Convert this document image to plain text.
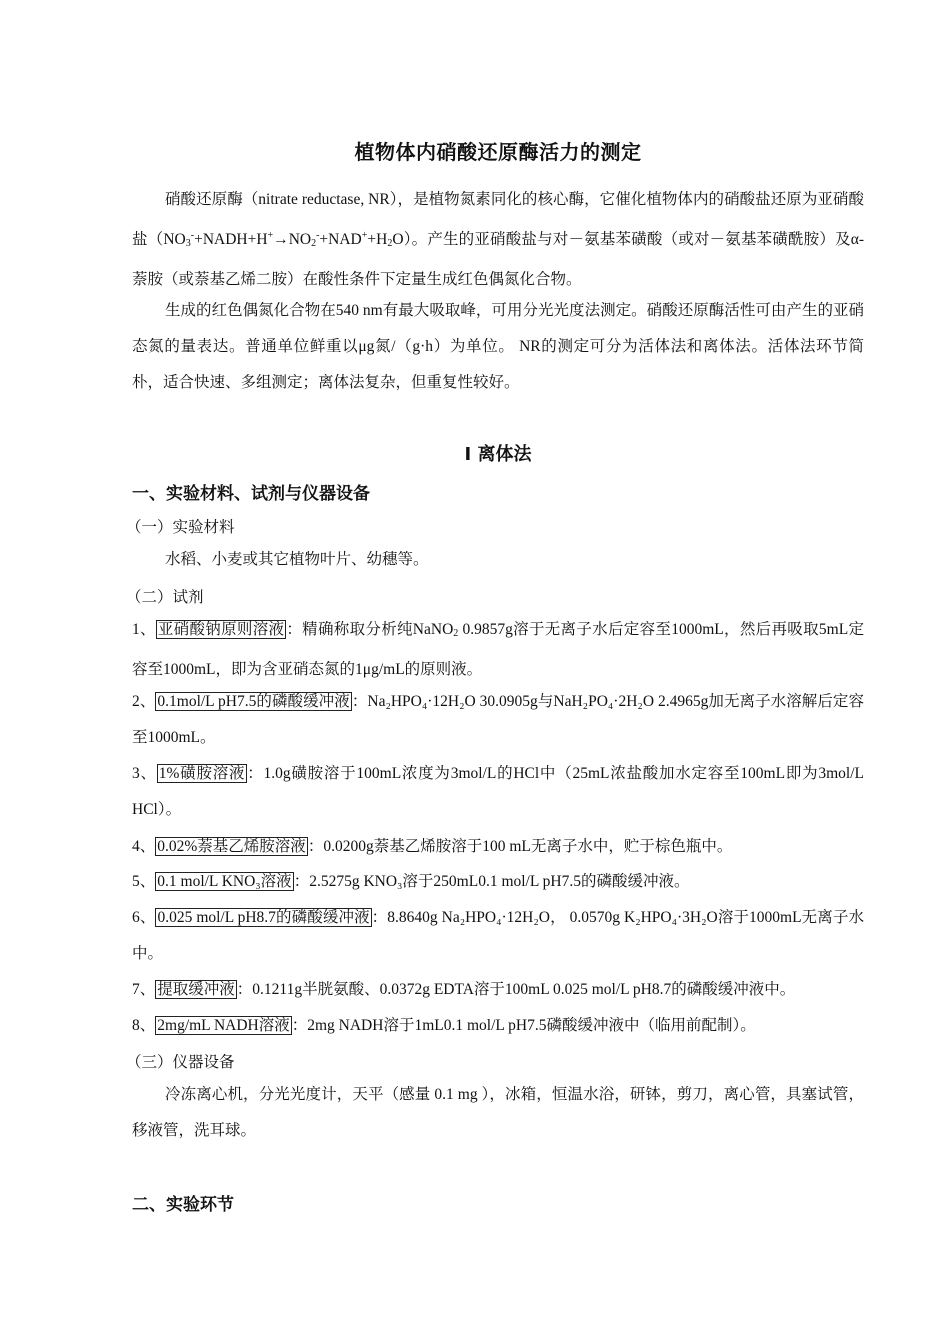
植物体内硝酸还原酶活力的测定
硝酸还原酶（nitrate reductase, NR），是植物氮素同化的核心酶，它催化植物体内的硝酸盐还原为亚硝酸盐$(NO_3^-+NADH+H^+\to NO_2^-+NAD^++H_2O)$。产生的亚硝酸盐与对－氨基苯磺酸（或对－氨基苯磺酰胺）及α-萘胺（或萘基乙烯二胺）在酸性条件下定量生成红色偶氮化合物。
生成的红色偶氮化合物在540 nm有最大吸取峰，可用分光光度法测定。硝酸还原酶活性可由产生的亚硝态氮的量表达。普通单位鲜重以μg氮/（g·h）为单位。 NR的测定可分为活体法和离体法。活体法环节简朴，适合快速、多组测定；离体法复杂，但重复性较好。
I 离体法
一、实验材料、试剂与仪器设备
（一）实验材料
水稻、小麦或其它植物叶片、幼穗等。
（二）试剂
1、 亚硝酸钠原则溶液 ：精确称取分析纯NaNO$_2$ 0.9857g溶于无离子水后定容至1000mL，然后再吸取5mL定容至1000mL，即为含亚硝态氮的1μg/mL的原则液。
2、 0.1mol/L pH7.5的磷酸缓冲液 ：Na₂HPO₄·12H₂O 30.0905g与NaH₂PO₄·2H₂O 2.4965g加无离子水溶解后定容至1000mL。
3、 1%磺胺溶液 ：1.0g磺胺溶于100mL浓度为3mol/L的HCl中（25mL浓盐酸加水定容至100mL即为3mol/L HCl）。
4、 0.02%萘基乙烯胺溶液 ：0.0200g萘基乙烯胺溶于100 mL无离子水中，贮于棕色瓶中。
5、 0.1 mol/L KNO₃溶液 ：2.5275g KNO₃溶于250mL0.1 mol/L pH7.5的磷酸缓冲液。
6、 0.025 mol/L pH8.7的磷酸缓冲液 ：8.8640g Na₂HPO₄·12H₂O， 0.0570g K₂HPO₄·3H₂O溶于1000mL无离子水中。
7、 提取缓冲液 ：0.1211g半胱氨酸、0.0372g EDTA溶于100mL 0.025 mol/L pH8.7的磷酸缓冲液中。
8、 2mg/mL NADH溶液 ：2mg NADH溶于1mL0.1 mol/L pH7.5磷酸缓冲液中（临用前配制）。
（三）仪器设备
冷冻离心机，分光光度计，天平（感量 0.1 mg ），冰箱，恒温水浴，研钵，剪刀，离心管，具塞试管，移液管，洗耳球。
二、实验环节
